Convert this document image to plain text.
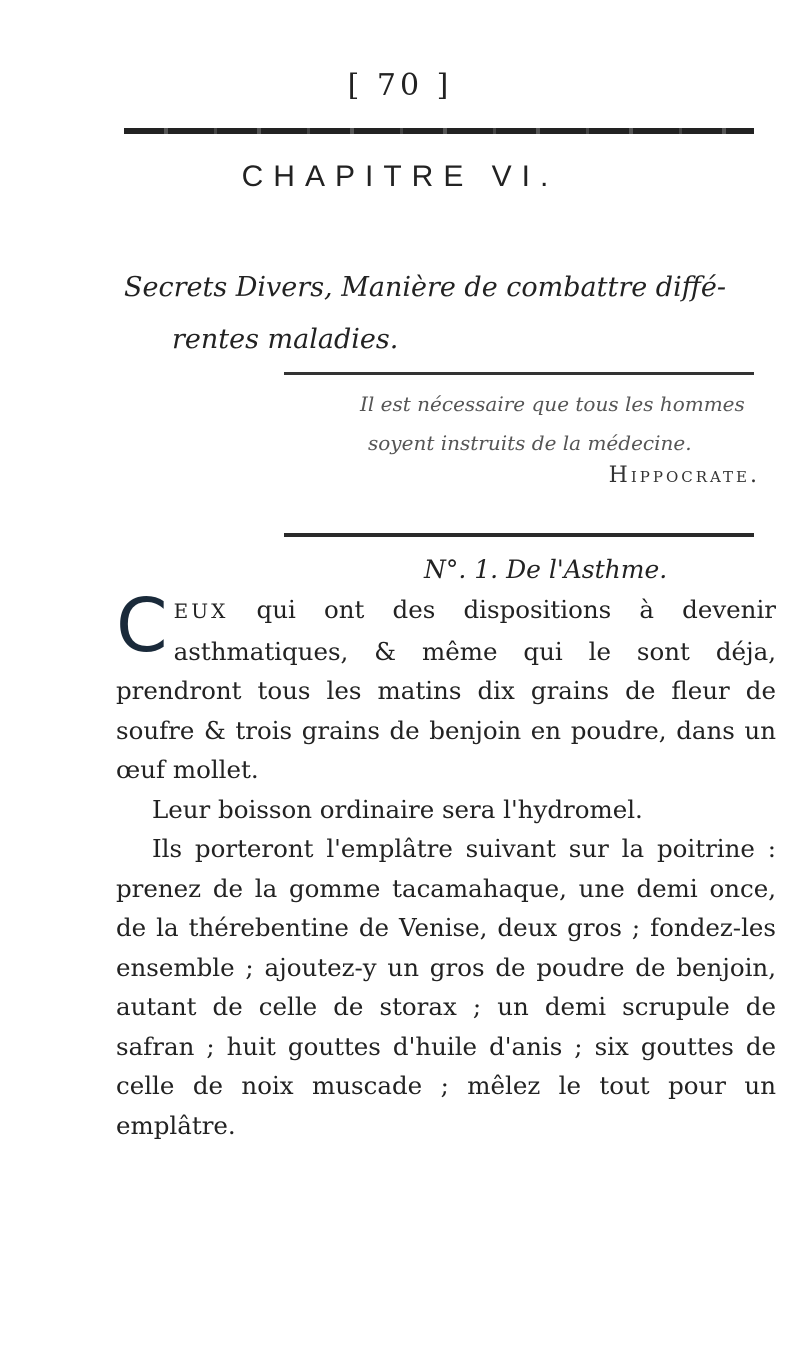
[ 70 ]
CHAPITRE VI.
Secrets Divers, Manière de combattre diffé-
rentes maladies.
Il est nécessaire que tous les hommes
soyent instruits de la médecine.
Hippocrate.
N°. 1. De l'Asthme.

CEUX qui ont des dispositions à devenir asthmatiques, & même qui le sont déja, prendront tous les matins dix grains de fleur de soufre & trois grains de benjoin en poudre, dans un œuf mollet.

Leur boisson ordinaire sera l'hydromel.

Ils porteront l'emplâtre suivant sur la poitrine : prenez de la gomme tacamahaque, une demi once, de la thérebentine de Venise, deux gros ; fondez-les ensemble ; ajoutez-y un gros de poudre de benjoin, autant de celle de storax ; un demi scrupule de safran ; huit gouttes d'huile d'anis ; six gouttes de celle de noix muscade ; mêlez le tout pour un emplâtre.
